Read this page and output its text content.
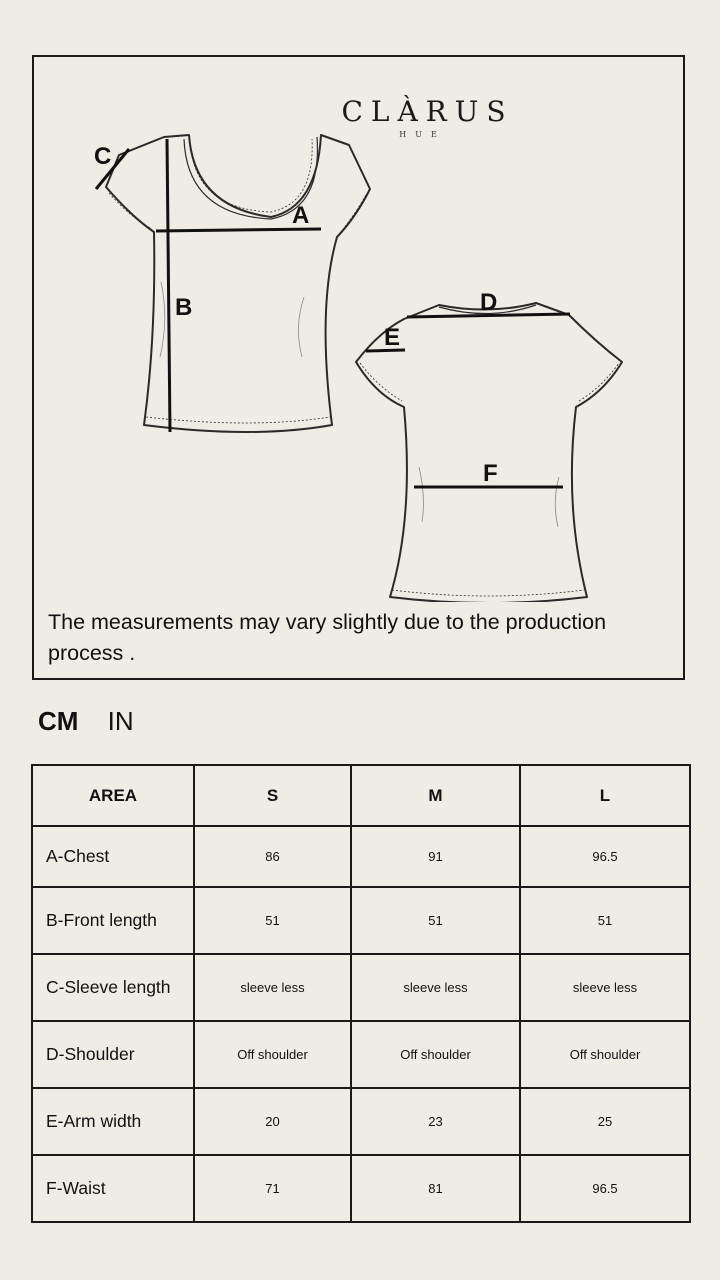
CLÀRUS
HUE
C
A
B	D
E
F
The measurements may vary slightly due to the production process .
CM IN
AREA	S	M	L
A-Chest	86	91	96.5
B-Front length	51	51	51
C-Sleeve length	sleeve less	sleeve less	sleeve less
D-Shoulder	Off shoulder	Off shoulder	Off shoulder
E-Arm width	20	23	25
F-Waist	71	81	96.5
